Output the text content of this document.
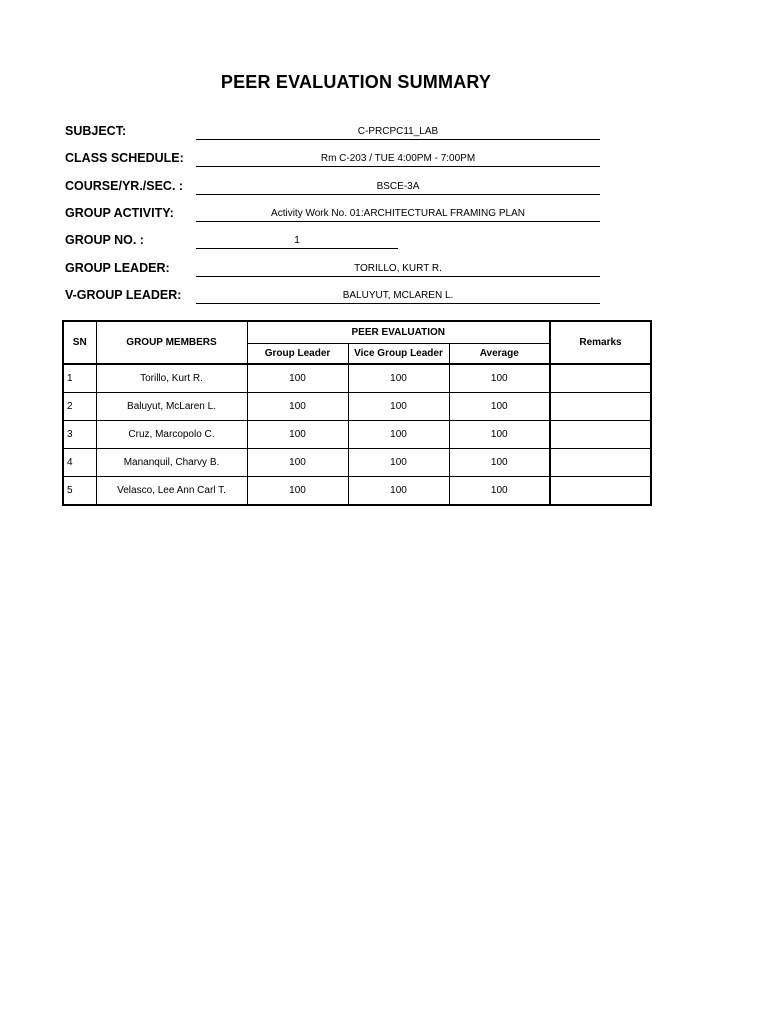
PEER EVALUATION SUMMARY
SUBJECT:	C-PRCPC11_LAB
CLASS SCHEDULE:	Rm C-203 / TUE 4:00PM - 7:00PM
COURSE/YR./SEC. :	BSCE-3A
GROUP ACTIVITY:	Activity Work No. 01:ARCHITECTURAL FRAMING PLAN
GROUP NO. :	1
GROUP LEADER:	TORILLO, KURT R.
V-GROUP LEADER:	BALUYUT, MCLAREN L.
SN	GROUP MEMBERS	PEER EVALUATION			Remarks
		Group Leader	Vice Group Leader	Average	
1	Torillo, Kurt R.	100	100	100	
2	Baluyut, McLaren L.	100	100	100	
3	Cruz, Marcopolo C.	100	100	100	
4	Mananquil, Charvy B.	100	100	100	
5	Velasco, Lee Ann Carl T.	100	100	100	
